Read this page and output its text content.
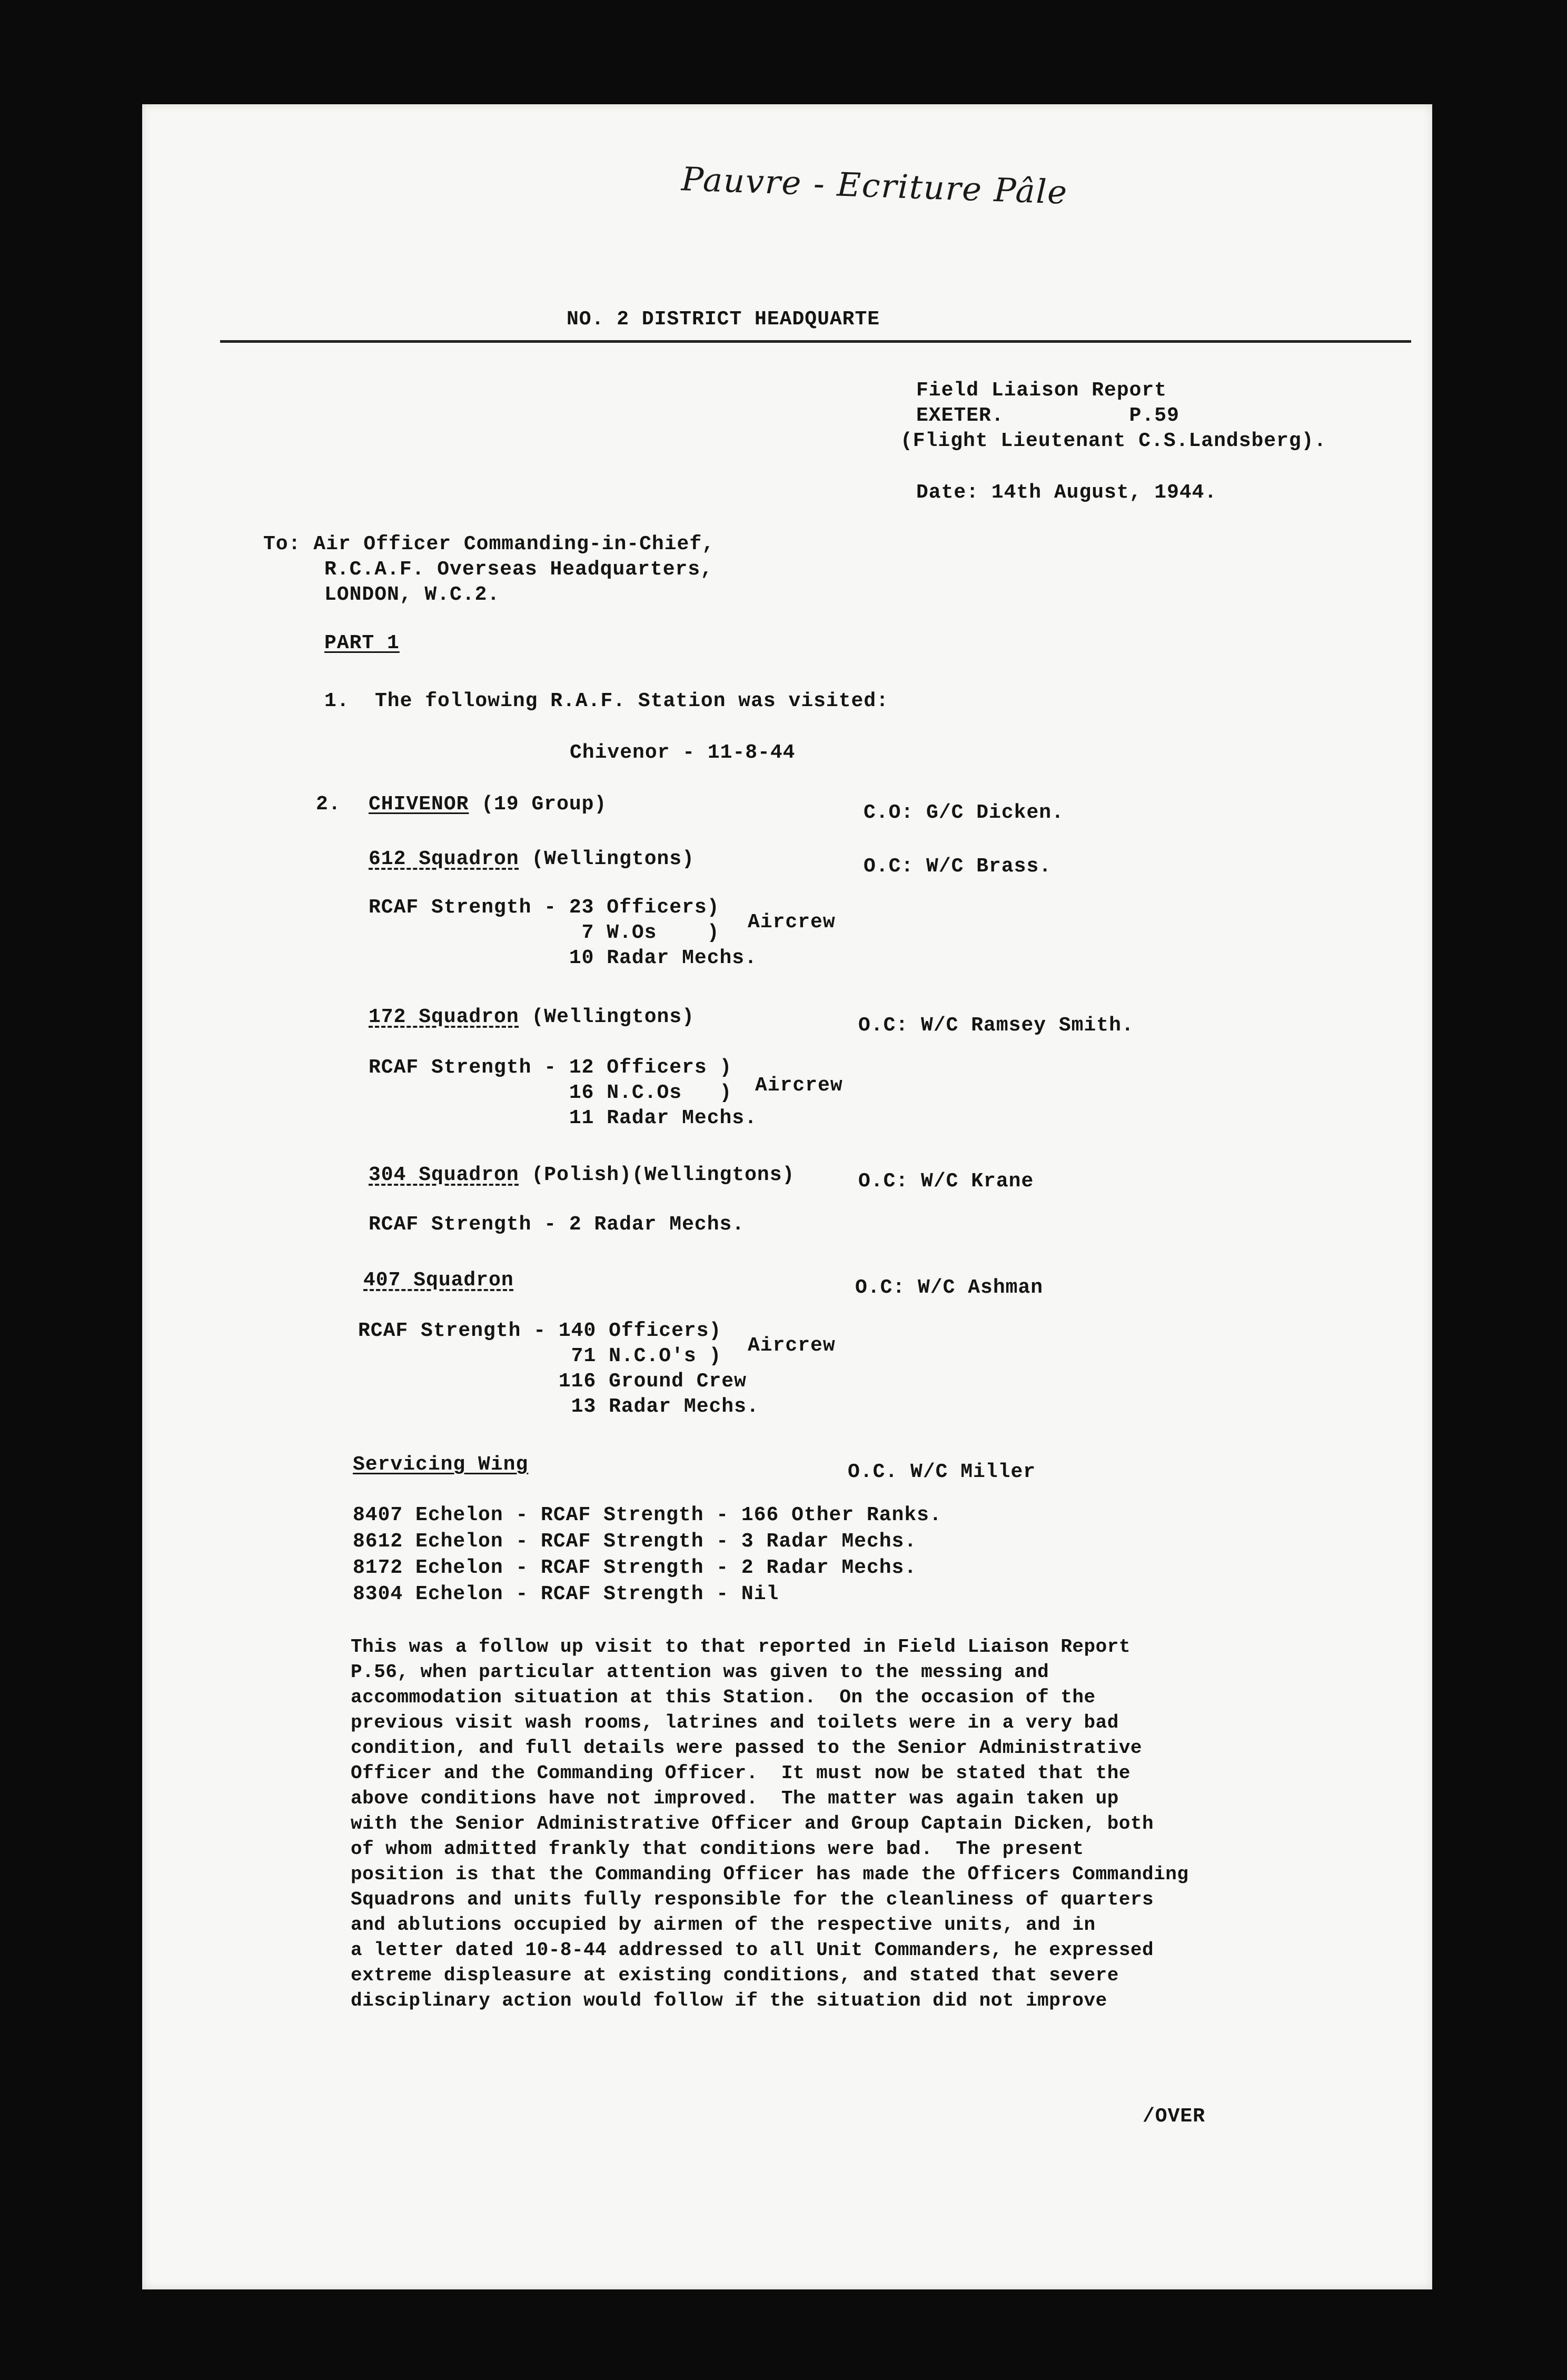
Pauvre - Ecriture Pâle
NO. 2 DISTRICT HEADQUARTE
Field Liaison Report
EXETER.          P.59
(Flight Lieutenant C.S.Landsberg).
Date: 14th August, 1944.
To: Air Officer Commanding-in-Chief,
R.C.A.F. Overseas Headquarters,
LONDON, W.C.2.
PART 1
1. The following R.A.F. Station was visited:
Chivenor - 11-8-44
2. CHIVENOR (19 Group)	C.O: G/C Dicken.
612 Squadron (Wellingtons)	O.C: W/C Brass.
RCAF Strength - 23 Officers)
7 W.Os    )
10 Radar Mechs.
Aircrew
172 Squadron (Wellingtons)	O.C: W/C Ramsey Smith.
RCAF Strength - 12 Officers )
16 N.C.Os   )
11 Radar Mechs.
Aircrew
304 Squadron (Polish)(Wellingtons)	O.C: W/C Krane
RCAF Strength - 2 Radar Mechs.
407 Squadron	O.C: W/C Ashman
RCAF Strength - 140 Officers)
71 N.C.O's )
116 Ground Crew
13 Radar Mechs.
Aircrew
Servicing Wing	O.C. W/C Miller
8407 Echelon - RCAF Strength - 166 Other Ranks.
8612 Echelon - RCAF Strength - 3 Radar Mechs.
8172 Echelon - RCAF Strength - 2 Radar Mechs.
8304 Echelon - RCAF Strength - Nil
This was a follow up visit to that reported in Field Liaison Report
P.56, when particular attention was given to the messing and
accommodation situation at this Station.  On the occasion of the
previous visit wash rooms, latrines and toilets were in a very bad
condition, and full details were passed to the Senior Administrative
Officer and the Commanding Officer.  It must now be stated that the
above conditions have not improved.  The matter was again taken up
with the Senior Administrative Officer and Group Captain Dicken, both
of whom admitted frankly that conditions were bad.  The present
position is that the Commanding Officer has made the Officers Commanding
Squadrons and units fully responsible for the cleanliness of quarters
and ablutions occupied by airmen of the respective units, and in
a letter dated 10-8-44 addressed to all Unit Commanders, he expressed
extreme displeasure at existing conditions, and stated that severe
disciplinary action would follow if the situation did not improve
/OVER
